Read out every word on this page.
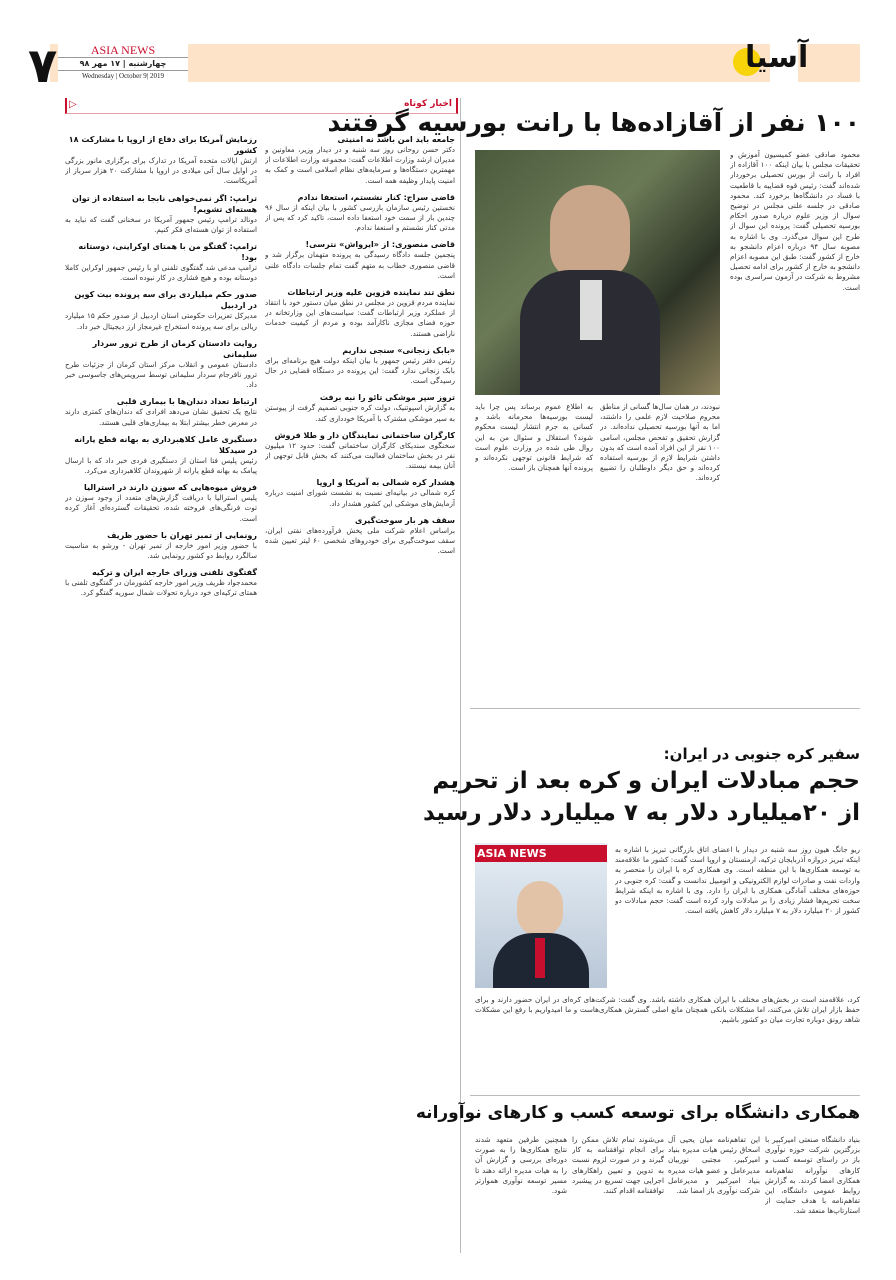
۷	ASIA NEWS
چهارشنبه | ۱۷ مهر ۹۸
Wednesday | October 9| 2019
آسیا
▷	اخبار کوتاه
جامعه باید امن باشد نه امنیتی
دکتر حسن روحانی روز سه شنبه و در دیدار وزیر، معاونین و مدیران ارشد وزارت اطلاعات گفت: مجموعه وزارت اطلاعات از مهمترین دستگاه‌ها و سرمایه‌های نظام اسلامی است و کمک به امنیت پایدار وظیفه همه است.
قاضی سراج: کنار نشستم، استعفا ندادم
نخستین رئیس سازمان بازرسی کشور با بیان اینکه از سال ۹۶ چندین بار از سمت خود استعفا داده است، تاکید کرد که پس از مدتی کنار نشستم و استعفا ندادم.
قاضی منصوری: از «ایرواش» نترسی!
پنجمین جلسه دادگاه رسیدگی به پرونده متهمان برگزار شد و قاضی منصوری خطاب به متهم گفت تمام جلسات دادگاه علنی است.
نطق تند نماینده قزوین علیه وزیر ارتباطات
نماینده مردم قزوین در مجلس در نطق میان دستور خود با انتقاد از عملکرد وزیر ارتباطات گفت: سیاست‌های این وزارتخانه در حوزه فضای مجازی ناکارآمد بوده و مردم از کیفیت خدمات ناراضی هستند.
«بابک زنجانی» سنجی نداریم
رئیس دفتر رئیس جمهور با بیان اینکه دولت هیچ برنامه‌ای برای بابک زنجانی ندارد گفت: این پرونده در دستگاه قضایی در حال رسیدگی است.
تروز سپر موشکی تائو را نبه برفت
به گزارش اسپوتنیک، دولت کره جنوبی تصمیم گرفت از پیوستن به سپر موشکی مشترک با آمریکا خودداری کند.
کارگران ساختمانی نمایندگان دار و طلا فروش
سخنگوی سندیکای کارگران ساختمانی گفت: حدود ۱۲ میلیون نفر در بخش ساختمان فعالیت می‌کنند که بخش قابل توجهی از آنان بیمه نیستند.
هشدار کره شمالی به آمریکا و اروپا
کره شمالی در بیانیه‌ای نسبت به نشست شورای امنیت درباره آزمایش‌های موشکی این کشور هشدار داد.
سقف هر بار سوخت‌گیری
براساس اعلام شرکت ملی پخش فرآورده‌های نفتی ایران، سقف سوخت‌گیری برای خودروهای شخصی ۶۰ لیتر تعیین شده است.
رزمایش آمریکا برای دفاع از اروپا با مشارکت ۱۸ کشور
ارتش ایالات متحده آمریکا در تدارک برای برگزاری مانور بزرگی در اوایل سال آتی میلادی در اروپا با مشارکت ۲۰ هزار سرباز از آمریکاست.
ترامپ: اگر نمی‌خواهی نابجا به استفاده از توان هسته‌ای تشویم!
دونالد ترامپ رئیس جمهور آمریکا در سخنانی گفت که نباید به استفاده از توان هسته‌ای فکر کنیم.
ترامپ: گفتگو من با همتای اوکراینی، دوستانه بود!
ترامپ مدعی شد گفتگوی تلفنی او با رئیس جمهور اوکراین کاملا دوستانه بوده و هیچ فشاری در کار نبوده است.
صدور حکم میلیاردی برای سه پرونده بیت کوین در اردبیل
مدیرکل تعزیرات حکومتی استان اردبیل از صدور حکم ۱۵ میلیارد ریالی برای سه پرونده استخراج غیرمجاز ارز دیجیتال خبر داد.
روایت دادستان کرمان از طرح ترور سردار سلیمانی
دادستان عمومی و انقلاب مرکز استان کرمان از جزئیات طرح ترور نافرجام سردار سلیمانی توسط سرویس‌های جاسوسی خبر داد.
ارتباط تعداد دندان‌ها با بیماری قلبی
نتایج یک تحقیق نشان می‌دهد افرادی که دندان‌های کمتری دارند در معرض خطر بیشتر ابتلا به بیماری‌های قلبی هستند.
دستگیری عامل کلاهبرداری به بهانه قطع یارانه در سیدکلا
رئیس پلیس فتا استان از دستگیری فردی خبر داد که با ارسال پیامک به بهانه قطع یارانه از شهروندان کلاهبرداری می‌کرد.
فروش میوه‌هایی که سوزن دارند در استرالیا
پلیس استرالیا با دریافت گزارش‌های متعدد از وجود سوزن در توت فرنگی‌های فروخته شده، تحقیقات گسترده‌ای آغاز کرده است.
رونمایی از تمبر تهران با حضور ظریف
با حضور وزیر امور خارجه از تمبر تهران - ورشو به مناسبت سالگرد روابط دو کشور رونمایی شد.
گفتگوی تلفنی وزرای خارجه ایران و ترکیه
محمدجواد ظریف وزیر امور خارجه کشورمان در گفتگوی تلفنی با همتای ترکیه‌ای خود درباره تحولات شمال سوریه گفتگو کرد.
۱۰۰ نفر از آقازاده‌ها با رانت بورسیه گرفتند
محمود صادقی عضو کمیسیون آموزش و تحقیقات مجلس با بیان اینکه ۱۰۰ آقازاده از افراد با رانت از بورس تحصیلی برخوردار شده‌اند گفت: رئیس قوه قضاییه با قاطعیت با فساد در دانشگاه‌ها برخورد کند. محمود صادقی در جلسه علنی مجلس در توضیح سوال از وزیر علوم درباره صدور احکام بورسیه تحصیلی گفت: پرونده این سوال از طرح این سوال می‌گذرد. وی با اشاره به مصوبه سال ۹۴ درباره اعزام دانشجو به خارج از کشور گفت: طبق این مصوبه اعزام دانشجو به خارج از کشور برای ادامه تحصیل مشروط به شرکت در آزمون سراسری بوده است.
نبودند، در همان سال‌ها گسانی از مناطق محروم صلاحیت لازم علمی را داشتند، اما به آنها بورسیه تحصیلی نداده‌اند. در گزارش تحقیق و تفحص مجلس، اسامی ۱۰۰ نفر از این افراد آمده است که بدون داشتن شرایط لازم از بورسیه استفاده کرده‌اند و حق دیگر داوطلبان را تضییع کرده‌اند.
به اطلاع عموم برساند پس چرا باید لیست بورسیه‌ها محرمانه باشد و کسانی به جرم انتشار لیست محکوم شوند؟ استقلال و سئوال من به این روال طی شده در وزارت علوم است که شرایط قانونی توجهی نکرده‌اند و پرونده آنها همچنان باز است.
سفیر کره جنوبی در ایران:
حجم مبادلات ایران و کره بعد از تحریم
از ۲۰میلیارد دلار به ۷ میلیارد دلار رسید
ASIA NEWS	ریو جانگ هیون روز سه شنبه در دیدار با اعضای اتاق بازرگانی تبریز با اشاره به اینکه تبریز دروازه آذربایجان ترکیه، ارمنستان و اروپا است گفت: کشور ما علاقه‌مند به توسعه همکاری‌ها با این منطقه است. وی همکاری کره با ایران را منحصر به واردات نفت و صادرات لوازم الکترونیکی و اتومبیل ندانست و گفت: کره جنوبی در حوزه‌های مختلف آمادگی همکاری با ایران را دارد. وی با اشاره به اینکه شرایط سخت تحریم‌ها فشار زیادی را بر مبادلات وارد کرده است گفت: حجم مبادلات دو کشور از ۲۰ میلیارد دلار به ۷ میلیارد دلار کاهش یافته است.
کرد، علاقه‌مند است در بخش‌های مختلف با ایران همکاری داشته باشد. وی گفت: شرکت‌های کره‌ای در ایران حضور دارند و برای حفظ بازار ایران تلاش می‌کنند، اما مشکلات بانکی همچنان مانع اصلی گسترش همکاری‌هاست و ما امیدواریم با رفع این مشکلات شاهد رونق دوباره تجارت میان دو کشور باشیم.
همکاری دانشگاه برای توسعه کسب و کارهای نوآورانه
بنیاد دانشگاه صنعتی امیرکبیر با بزرگترین شرکت حوزه نوآوری باز در راستای توسعه کسب و کارهای نوآورانه تفاهم‌نامه همکاری امضا کردند. به گزارش روابط عمومی دانشگاه، این تفاهم‌نامه با هدف حمایت از استارتاپ‌ها منعقد شد.
این تفاهم‌نامه میان یحیی آل اسحاق رئیس هیات مدیره بنیاد امیرکبیر، مجتبی نوربیان مدیرعامل و عضو هیات مدیره بنیاد امیرکبیر و مدیرعامل شرکت نوآوری باز امضا شد.
می‌شوند تمام تلاش ممکن را برای انجام توافقنامه به کار گیرند و در صورت لزوم نسبت به تدوین و تعیین راهکارهای اجرایی جهت تسریع در پیشبرد توافقنامه اقدام کنند.
همچنین طرفین متعهد شدند نتایج همکاری‌ها را به صورت دوره‌ای بررسی و گزارش آن را به هیات مدیره ارائه دهند تا مسیر توسعه نوآوری هموارتر شود.
